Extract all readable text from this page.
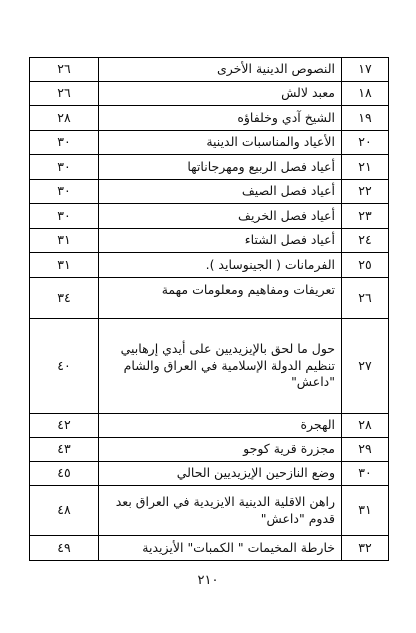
١٧	النصوص الدينية الأخرى	٢٦
١٨	معبد لالش	٢٦
١٩	الشيخ آدي وخلفاؤه	٢٨
٢٠	الأعياد والمناسبات الدينية	٣٠
٢١	أعياد فصل الربيع ومهرجاناتها	٣٠
٢٢	أعياد فصل الصيف	٣٠
٢٣	أعياد فصل الخريف	٣٠
٢٤	أعياد فصل الشتاء	٣١
٢٥	الفرمانات ( الجينوسايد ).	٣١
٢٦	تعريفات ومفاهيم ومعلومات مهمة	٣٤
٢٧	حول ما لحق بالإيزيديين على أيدي إرهابيي تنظيم الدولة الإسلامية في العراق والشام "داعش"	٤٠
٢٨	الهجرة	٤٢
٢٩	مجزرة قرية كوجو	٤٣
٣٠	وضع النازحين الإيزيديين الحالي	٤٥
٣١	راهن الاقلية الدينية الايزيدية في العراق بعد قدوم "داعش"	٤٨
٣٢	خارطة المخيمات " الكمبات" الأيزيدية	٤٩
٢١٠
